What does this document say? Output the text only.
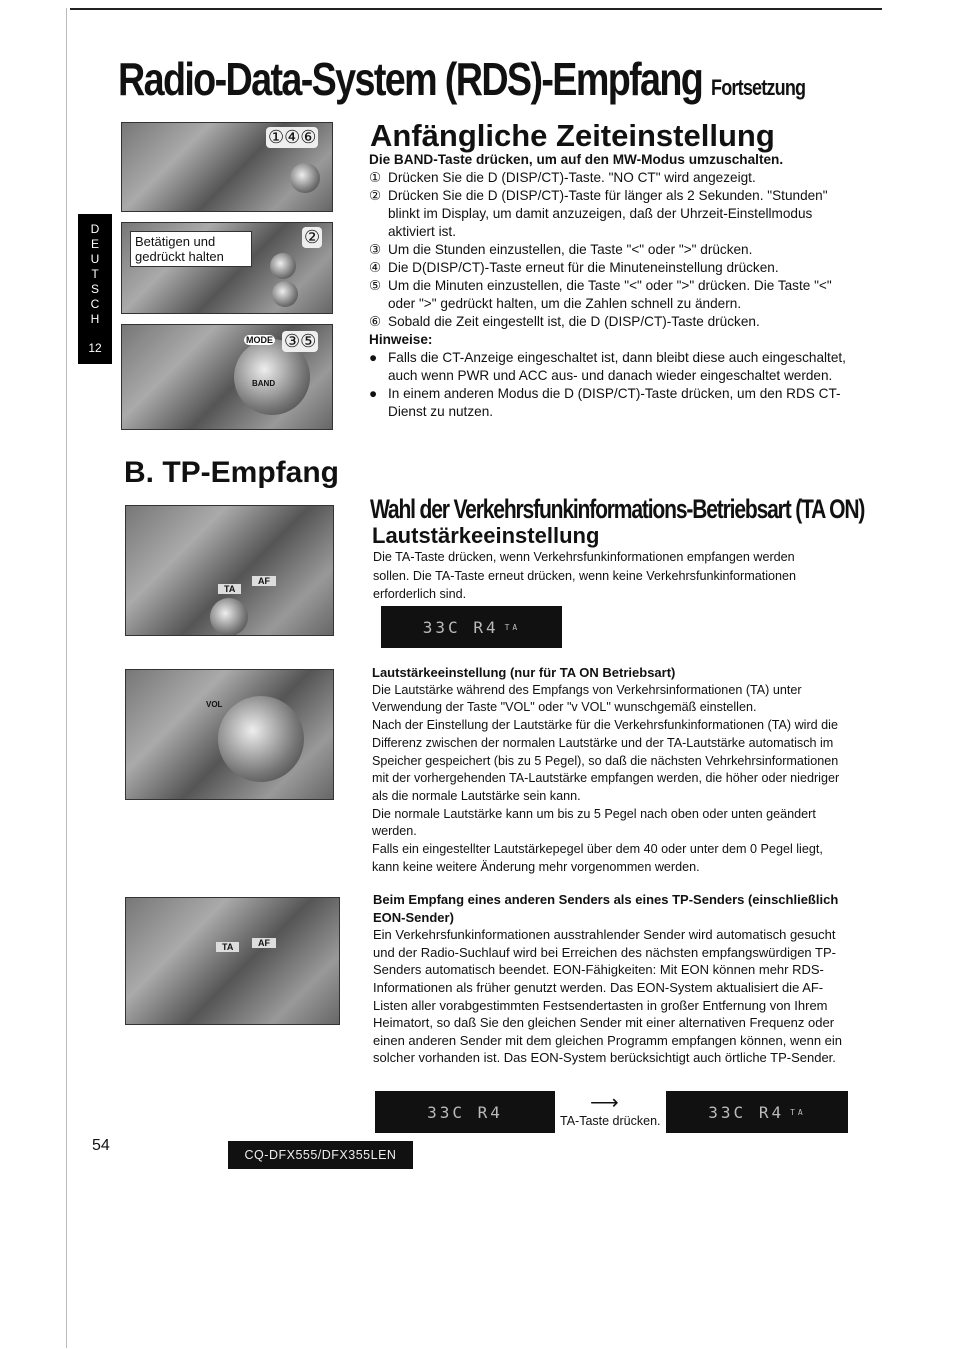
Radio-Data-System (RDS)-Empfang Fortsetzung
D
E
U
T
S
C
H
12
①④⑥
Betätigen und gedrückt halten
②
MODE
BAND
③⑤
Anfängliche Zeiteinstellung

Die BAND-Taste drücken, um auf den MW-Modus umzuschalten.

① Drücken Sie die D (DISP/CT)-Taste. "NO CT" wird angezeigt.
② Drücken Sie die D (DISP/CT)-Taste für länger als 2 Sekunden. "Stunden" blinkt im Display, um damit anzuzeigen, daß der Uhrzeit-Einstellmodus aktiviert ist.
③ Um die Stunden einzustellen, die Taste "<" oder ">" drücken.
④ Die D(DISP/CT)-Taste erneut für die Minuteneinstellung drücken.
⑤ Um die Minuten einzustellen, die Taste "<" oder ">" drücken. Die Taste "<" oder ">" gedrückt halten, um die Zahlen schnell zu ändern.
⑥ Sobald die Zeit eingestellt ist, die D (DISP/CT)-Taste drücken.

Hinweise:

● Falls die CT-Anzeige eingeschaltet ist, dann bleibt diese auch eingeschaltet, auch wenn PWR und ACC aus- und danach wieder eingeschaltet werden.
● In einem anderen Modus die D (DISP/CT)-Taste drücken, um den RDS CT-Dienst zu nutzen.
B. TP-Empfang
TA
AF
VOL
TA	AF
Wahl der Verkehrsfunkinformations-Betriebsart (TA ON)
Lautstärkeeinstellung
Die TA-Taste drücken, wenn Verkehrsfunkinformationen empfangen werden sollen. Die TA-Taste erneut drücken, wenn keine Verkehrsfunkinformationen erforderlich sind.
33C R4 TA

Lautstärkeeinstellung (nur für TA ON Betriebsart)

Die Lautstärke während des Empfangs von Verkehrsinformationen (TA) unter Verwendung der Taste "VOL" oder "v VOL" wunschgemäß einstellen.

Nach der Einstellung der Lautstärke für die Verkehrsfunkinformationen (TA) wird die Differenz zwischen der normalen Lautstärke und der TA-Lautstärke automatisch im Speicher gespeichert (bis zu 5 Pegel), so daß die nächsten Vehrkehrsinformationen mit der vorhergehenden TA-Lautstärke empfangen werden, die höher oder niedriger als die normale Lautstärke sein kann.

Die normale Lautstärke kann um bis zu 5 Pegel nach oben oder unten geändert werden.

Falls ein eingestellter Lautstärkepegel über dem 40 oder unter dem 0 Pegel liegt, kann keine weitere Änderung mehr vorgenommen werden.

Beim Empfang eines anderen Senders als eines TP-Senders (einschließlich EON-Sender)

Ein Verkehrsfunkinformationen ausstrahlender Sender wird automatisch gesucht und der Radio-Suchlauf wird bei Erreichen des nächsten empfangswürdigen TP-Senders automatisch beendet. EON-Fähigkeiten: Mit EON können mehr RDS-Informationen als früher genutzt werden. Das EON-System aktualisiert die AF-Listen aller vorabgestimmten Festsendertasten in großer Entfernung von Ihrem Heimatort, so daß Sie den gleichen Sender mit einer alternativen Frequenz oder einen anderen Sender mit dem gleichen Programm empfangen können, wenn ein solcher vorhanden ist. Das EON-System berücksichtigt auch örtliche TP-Sender.

33C R4	⟶
TA-Taste drücken.	33C R4 TA
54
CQ-DFX555/DFX355LEN
